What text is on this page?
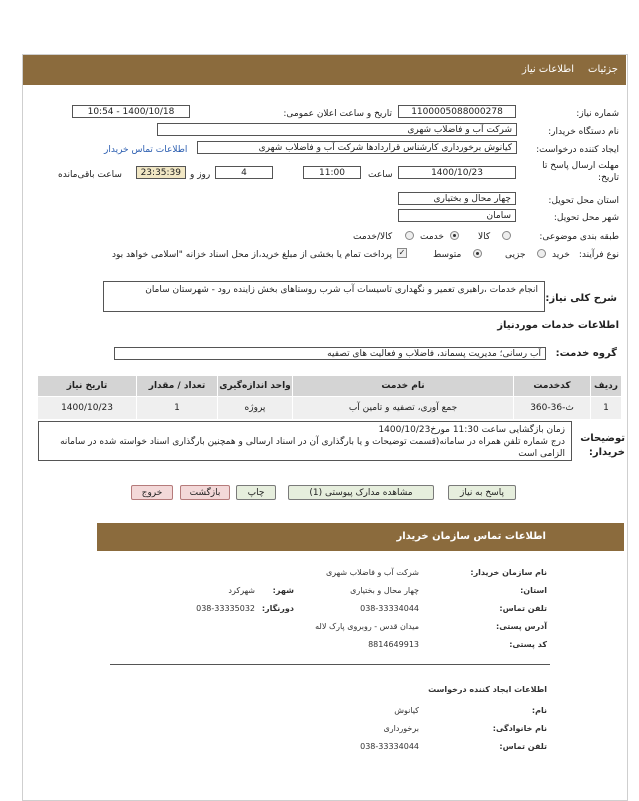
جزئیات
اطلاعات نیاز
شماره نیاز:
1100005088000278
تاریخ و ساعت اعلان عمومی:
1400/10/18 - 10:54
نام دستگاه خریدار:
شرکت آب و فاضلاب شهری
ایجاد کننده درخواست:
کیانوش برخورداری کارشناس قراردادها شرکت آب و فاضلاب شهری
اطلاعات تماس خریدار
مهلت ارسال پاسخ تا تاریخ:
1400/10/23
ساعت
11:00
روز و	4
23:35:39
ساعت باقی‌مانده
استان محل تحویل:
چهار محال و بختیاری
شهر محل تحویل:
سامان
طبقه بندی موضوعی:
کالا
خدمت
کالا/خدمت
نوع فرآیند:
خرید
جزیی
متوسط
✓
پرداخت تمام یا بخشی از مبلغ خرید،از محل اسناد خزانه "اسلامی خواهد بود
شرح کلی نیاز:
انجام خدمات ،راهبری تعمیر و نگهداری تاسیسات آب شرب روستاهای بخش زاینده رود - شهرستان سامان
اطلاعات خدمات موردنیاز
گروه خدمت:
آب رسانی؛ مدیریت پسماند، فاضلاب و فعالیت های تصفیه
ردیف	کدخدمت	نام خدمت	واحد اندازه‌گیری	تعداد / مقدار	تاریخ نیاز
1	ث-36-360	جمع آوری، تصفیه و تامین آب	پروژه	1	1400/10/23
توضیحات خریدار:
زمان بازگشایی ساعت 11:30 مورخ1400/10/23
درج شماره تلفن همراه در سامانه(قسمت توضیحات و یا بارگذاری آن در اسناد ارسالی و همچنین بارگذاری اسناد خواسته شده در سامانه الزامی است
پاسخ به نیاز
مشاهده مدارک پیوستی (1)
چاپ
بازگشت
خروج
اطلاعات تماس سازمان خریدار
نام سازمان خریدار:
شرکت آب و فاضلاب شهری
استان:
چهار محال و بختیاری
شهر:
شهرکرد
تلفن تماس:
038-33334044
دورنگار:
038-33335032
آدرس پستی:
میدان قدس - روبروی پارک لاله
کد پستی:
8814649913
اطلاعات ایجاد کننده درخواست
نام:
کیانوش
نام خانوادگی:
برخورداری
تلفن تماس:
038-33334044
